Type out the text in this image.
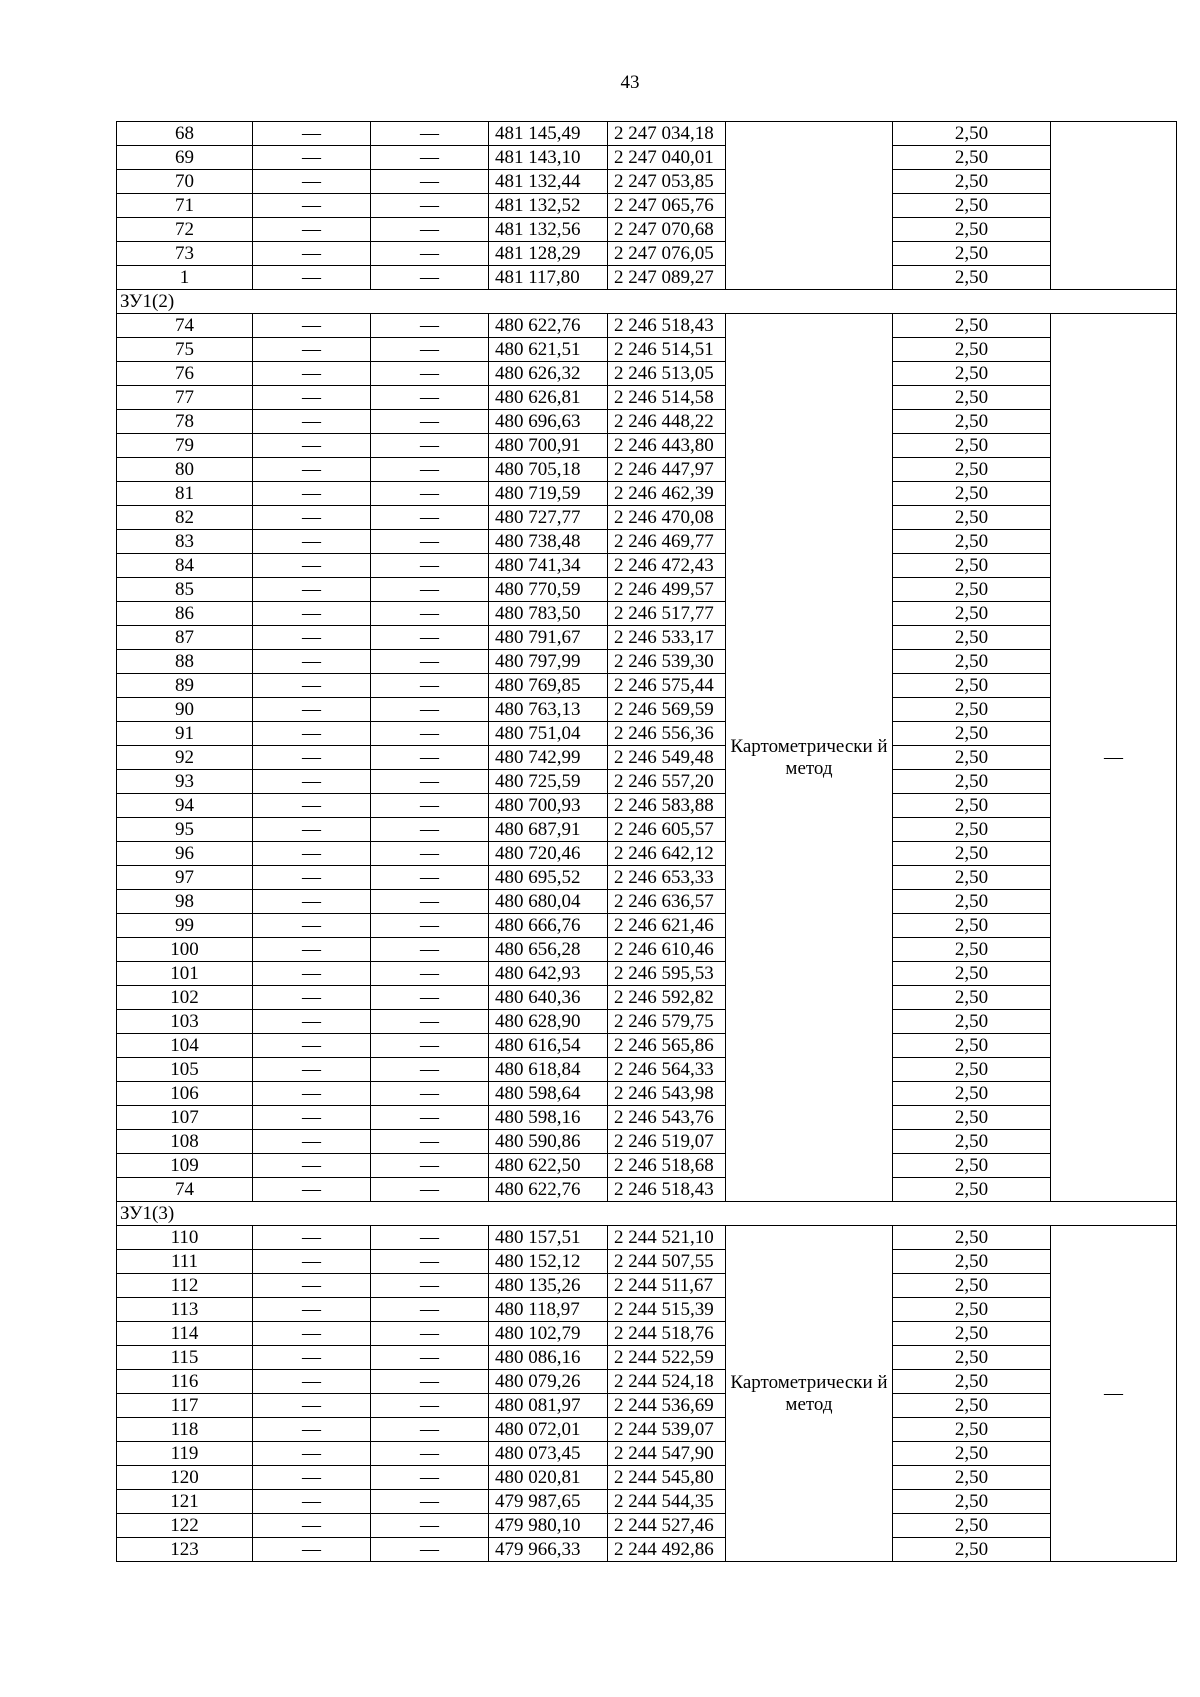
43
68	—	—	481 145,49	2 247 034,18		2,50	
69	—	—	481 143,10	2 247 040,01		2,50	
70	—	—	481 132,44	2 247 053,85		2,50	
71	—	—	481 132,52	2 247 065,76		2,50	
72	—	—	481 132,56	2 247 070,68		2,50	
73	—	—	481 128,29	2 247 076,05		2,50	
1	—	—	481 117,80	2 247 089,27		2,50	
ЗУ1(2)							
74	—	—	480 622,76	2 246 518,43	Картометрически й метод	2,50	—
75	—	—	480 621,51	2 246 514,51		2,50	
76	—	—	480 626,32	2 246 513,05		2,50	
77	—	—	480 626,81	2 246 514,58		2,50	
78	—	—	480 696,63	2 246 448,22		2,50	
79	—	—	480 700,91	2 246 443,80		2,50	
80	—	—	480 705,18	2 246 447,97		2,50	
81	—	—	480 719,59	2 246 462,39		2,50	
82	—	—	480 727,77	2 246 470,08		2,50	
83	—	—	480 738,48	2 246 469,77		2,50	
84	—	—	480 741,34	2 246 472,43		2,50	
85	—	—	480 770,59	2 246 499,57		2,50	
86	—	—	480 783,50	2 246 517,77		2,50	
87	—	—	480 791,67	2 246 533,17		2,50	
88	—	—	480 797,99	2 246 539,30		2,50	
89	—	—	480 769,85	2 246 575,44		2,50	
90	—	—	480 763,13	2 246 569,59		2,50	
91	—	—	480 751,04	2 246 556,36		2,50	
92	—	—	480 742,99	2 246 549,48		2,50	
93	—	—	480 725,59	2 246 557,20		2,50	
94	—	—	480 700,93	2 246 583,88		2,50	
95	—	—	480 687,91	2 246 605,57		2,50	
96	—	—	480 720,46	2 246 642,12		2,50	
97	—	—	480 695,52	2 246 653,33		2,50	
98	—	—	480 680,04	2 246 636,57		2,50	
99	—	—	480 666,76	2 246 621,46		2,50	
100	—	—	480 656,28	2 246 610,46		2,50	
101	—	—	480 642,93	2 246 595,53		2,50	
102	—	—	480 640,36	2 246 592,82		2,50	
103	—	—	480 628,90	2 246 579,75		2,50	
104	—	—	480 616,54	2 246 565,86		2,50	
105	—	—	480 618,84	2 246 564,33		2,50	
106	—	—	480 598,64	2 246 543,98		2,50	
107	—	—	480 598,16	2 246 543,76		2,50	
108	—	—	480 590,86	2 246 519,07		2,50	
109	—	—	480 622,50	2 246 518,68		2,50	
74	—	—	480 622,76	2 246 518,43		2,50	
ЗУ1(3)							
110	—	—	480 157,51	2 244 521,10	Картометрически й метод	2,50	—
111	—	—	480 152,12	2 244 507,55		2,50	
112	—	—	480 135,26	2 244 511,67		2,50	
113	—	—	480 118,97	2 244 515,39		2,50	
114	—	—	480 102,79	2 244 518,76		2,50	
115	—	—	480 086,16	2 244 522,59		2,50	
116	—	—	480 079,26	2 244 524,18		2,50	
117	—	—	480 081,97	2 244 536,69		2,50	
118	—	—	480 072,01	2 244 539,07		2,50	
119	—	—	480 073,45	2 244 547,90		2,50	
120	—	—	480 020,81	2 244 545,80		2,50	
121	—	—	479 987,65	2 244 544,35		2,50	
122	—	—	479 980,10	2 244 527,46		2,50	
123	—	—	479 966,33	2 244 492,86		2,50	
